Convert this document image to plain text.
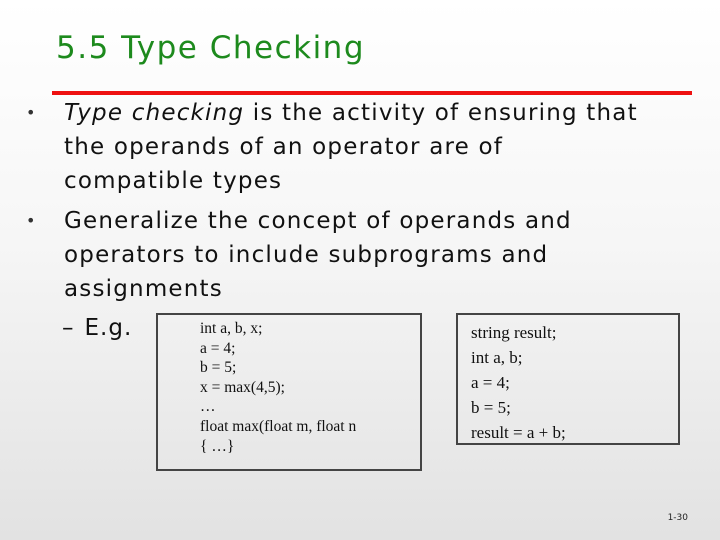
5.5 Type Checking

•	Type checking is the activity of ensuring that the operands of an operator are of compatible types

•	Generalize the concept of operands and operators to include subprograms and assignments

– E.g.	int a, b, x;
a = 4;
b = 5;
x = max(4,5);
…
float max(float m, float n
{ …}
string result;
int a, b;
a = 4;
b = 5;
result = a + b;
1-30
